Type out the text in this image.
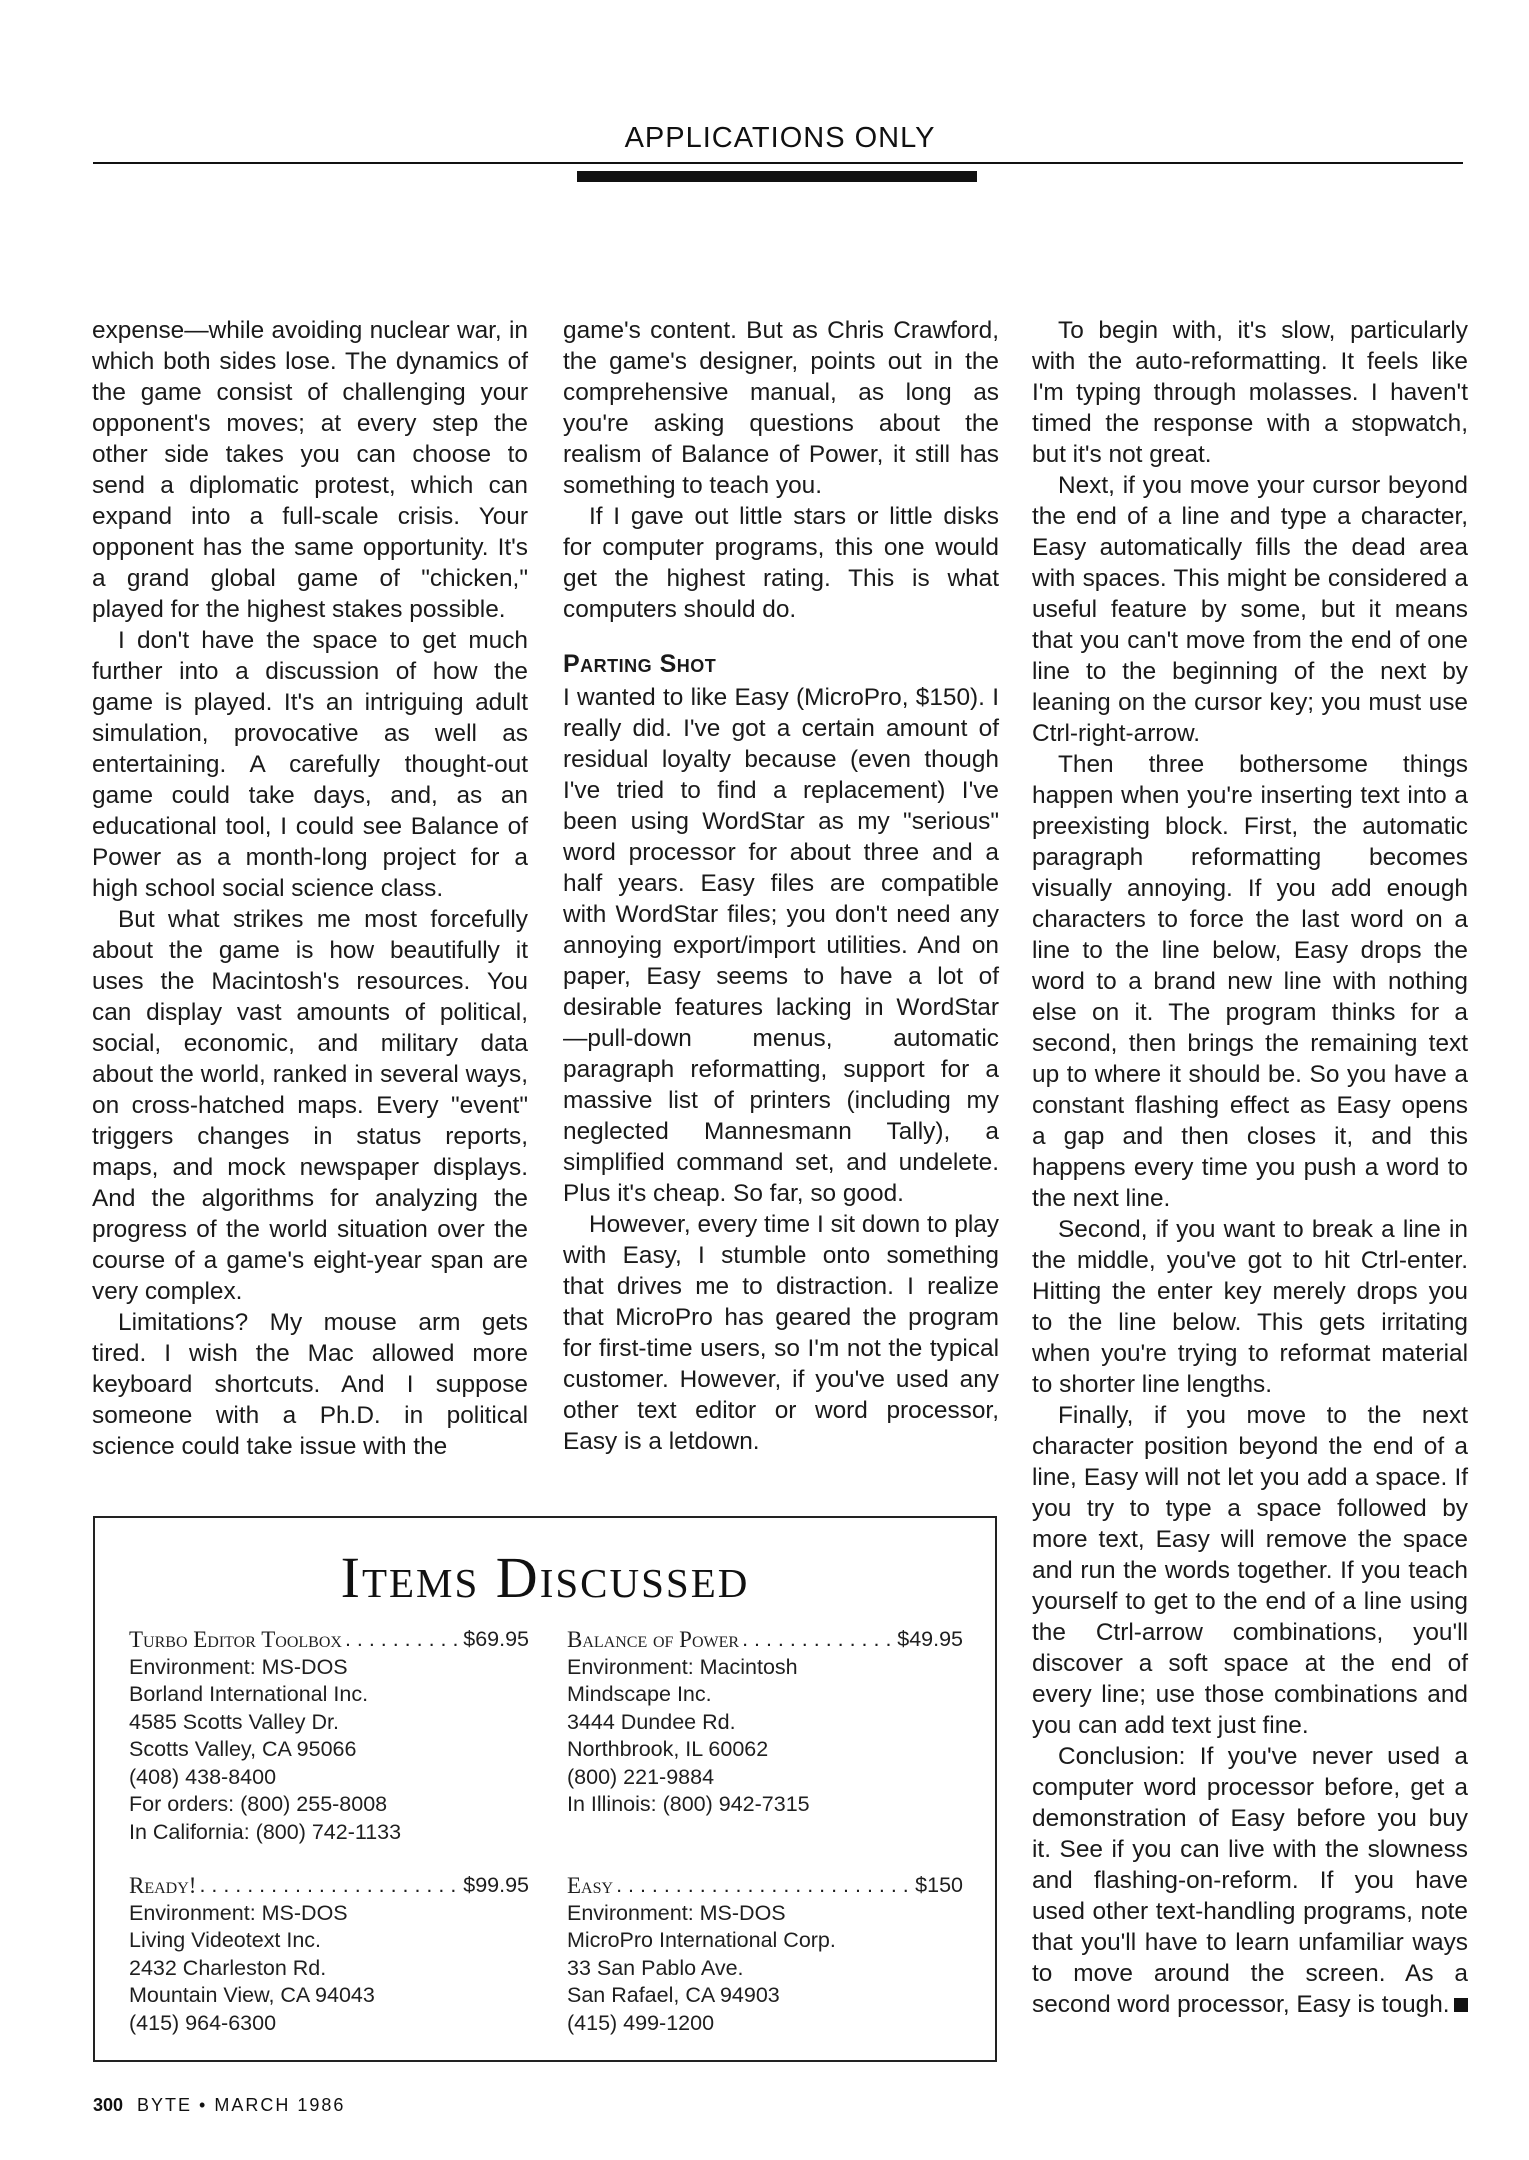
APPLICATIONS ONLY

expense—while avoiding nuclear war, in which both sides lose. The dynamics of the game consist of challenging your opponent's moves; at every step the other side takes you can choose to send a diplomatic protest, which can expand into a full-scale crisis. Your opponent has the same opportunity. It's a grand global game of "chicken," played for the highest stakes possible.

I don't have the space to get much further into a discussion of how the game is played. It's an intriguing adult simulation, provocative as well as entertaining. A carefully thought-out game could take days, and, as an educational tool, I could see Balance of Power as a month-long project for a high school social science class.

But what strikes me most forcefully about the game is how beautifully it uses the Macintosh's resources. You can display vast amounts of political, social, economic, and military data about the world, ranked in several ways, on cross-hatched maps. Every "event" triggers changes in status reports, maps, and mock newspaper displays. And the algorithms for analyzing the progress of the world situation over the course of a game's eight-year span are very complex.

Limitations? My mouse arm gets tired. I wish the Mac allowed more keyboard shortcuts. And I suppose someone with a Ph.D. in political science could take issue with the

game's content. But as Chris Crawford, the game's designer, points out in the comprehensive manual, as long as you're asking questions about the realism of Balance of Power, it still has something to teach you.

If I gave out little stars or little disks for computer programs, this one would get the highest rating. This is what computers should do.

Parting Shot

I wanted to like Easy (MicroPro, $150). I really did. I've got a certain amount of residual loyalty because (even though I've tried to find a replacement) I've been using WordStar as my "serious" word processor for about three and a half years. Easy files are compatible with WordStar files; you don't need any annoying export/import utilities. And on paper, Easy seems to have a lot of desirable features lacking in WordStar—pull-down menus, automatic paragraph reformatting, support for a massive list of printers (including my neglected Mannesmann Tally), a simplified command set, and undelete. Plus it's cheap. So far, so good.

However, every time I sit down to play with Easy, I stumble onto something that drives me to distraction. I realize that MicroPro has geared the program for first-time users, so I'm not the typical customer. However, if you've used any other text editor or word processor, Easy is a letdown.

To begin with, it's slow, particularly with the auto-reformatting. It feels like I'm typing through molasses. I haven't timed the response with a stopwatch, but it's not great.

Next, if you move your cursor beyond the end of a line and type a character, Easy automatically fills the dead area with spaces. This might be considered a useful feature by some, but it means that you can't move from the end of one line to the beginning of the next by leaning on the cursor key; you must use Ctrl-right-arrow.

Then three bothersome things happen when you're inserting text into a preexisting block. First, the automatic paragraph reformatting becomes visually annoying. If you add enough characters to force the last word on a line to the line below, Easy drops the word to a brand new line with nothing else on it. The program thinks for a second, then brings the remaining text up to where it should be. So you have a constant flashing effect as Easy opens a gap and then closes it, and this happens every time you push a word to the next line.

Second, if you want to break a line in the middle, you've got to hit Ctrl-enter. Hitting the enter key merely drops you to the line below. This gets irritating when you're trying to reformat material to shorter line lengths.

Finally, if you move to the next character position beyond the end of a line, Easy will not let you add a space. If you try to type a space followed by more text, Easy will remove the space and run the words together. If you teach yourself to get to the end of a line using the Ctrl-arrow combinations, you'll discover a soft space at the end of every line; use those combinations and you can add text just fine.

Conclusion: If you've never used a computer word processor before, get a demonstration of Easy before you buy it. See if you can live with the slowness and flashing-on-reform. If you have used other text-handling programs, note that you'll have to learn unfamiliar ways to move around the screen. As a second word processor, Easy is tough.

Items Discussed
Turbo Editor Toolbox . . .	$69.95
Environment: MS-DOS
Borland International Inc.
4585 Scotts Valley Dr.
Scotts Valley, CA 95066
(408) 438-8400
For orders: (800) 255-8008
In California: (800) 742-1133
Balance of Power . . .	$49.95
Environment: Macintosh
Mindscape Inc.
3444 Dundee Rd.
Northbrook, IL 60062
(800) 221-9884
In Illinois: (800) 942-7315
Ready! . . .	$99.95
Environment: MS-DOS
Living Videotext Inc.
2432 Charleston Rd.
Mountain View, CA 94043
(415) 964-6300
Easy . . .	$150
Environment: MS-DOS
MicroPro International Corp.
33 San Pablo Ave.
San Rafael, CA 94903
(415) 499-1200
300 BYTE • MARCH 1986
